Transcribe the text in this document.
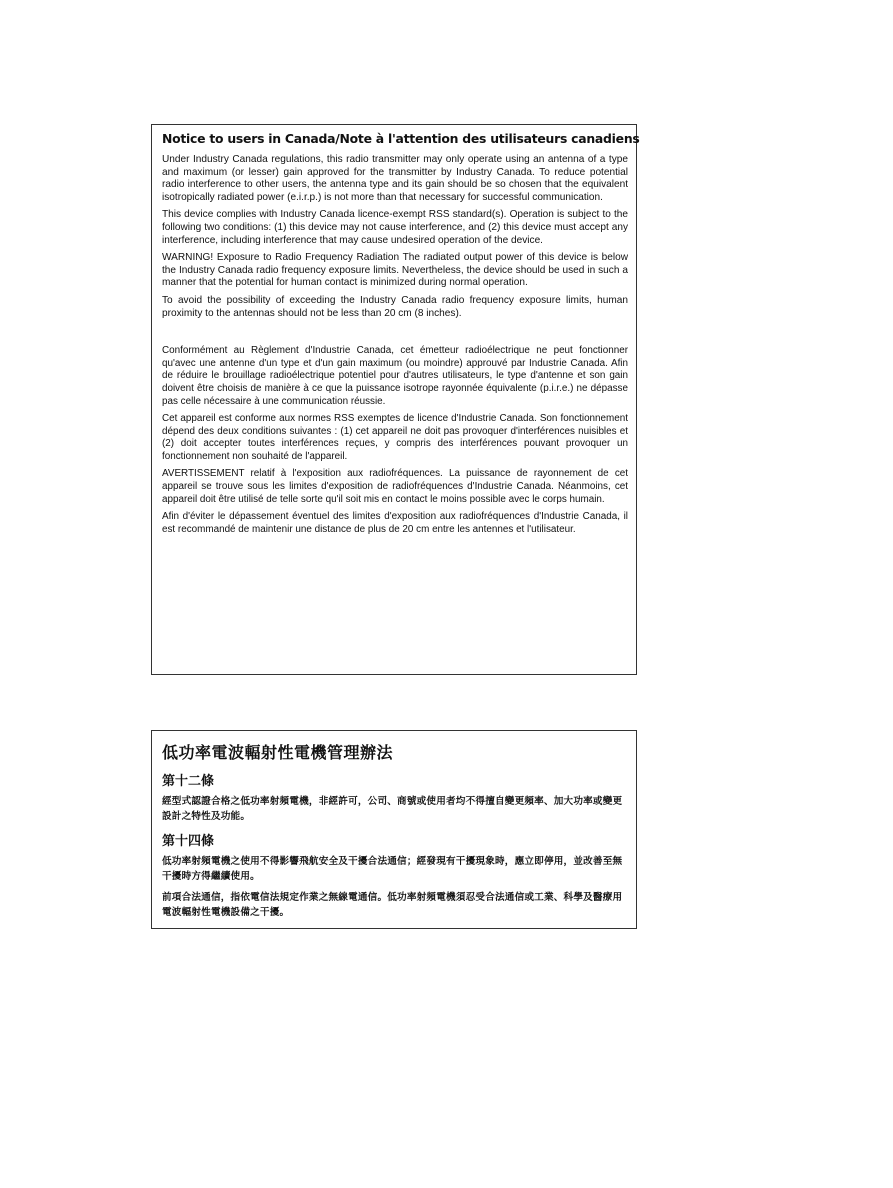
Notice to users in Canada/Note à l'attention des utilisateurs canadiens

Under Industry Canada regulations, this radio transmitter may only operate using an antenna of a type and maximum (or lesser) gain approved for the transmitter by Industry Canada. To reduce potential radio interference to other users, the antenna type and its gain should be so chosen that the equivalent isotropically radiated power (e.i.r.p.) is not more than that necessary for successful communication.

This device complies with Industry Canada licence-exempt RSS standard(s). Operation is subject to the following two conditions: (1) this device may not cause interference, and (2) this device must accept any interference, including interference that may cause undesired operation of the device.

WARNING! Exposure to Radio Frequency Radiation The radiated output power of this device is below the Industry Canada radio frequency exposure limits. Nevertheless, the device should be used in such a manner that the potential for human contact is minimized during normal operation.

To avoid the possibility of exceeding the Industry Canada radio frequency exposure limits, human proximity to the antennas should not be less than 20 cm (8 inches).

Conformément au Règlement d'Industrie Canada, cet émetteur radioélectrique ne peut fonctionner qu'avec une antenne d'un type et d'un gain maximum (ou moindre) approuvé par Industrie Canada. Afin de réduire le brouillage radioélectrique potentiel pour d'autres utilisateurs, le type d'antenne et son gain doivent être choisis de manière à ce que la puissance isotrope rayonnée équivalente (p.i.r.e.) ne dépasse pas celle nécessaire à une communication réussie.

Cet appareil est conforme aux normes RSS exemptes de licence d'Industrie Canada. Son fonctionnement dépend des deux conditions suivantes : (1) cet appareil ne doit pas provoquer d'interférences nuisibles et (2) doit accepter toutes interférences reçues, y compris des interférences pouvant provoquer un fonctionnement non souhaité de l'appareil.

AVERTISSEMENT relatif à l'exposition aux radiofréquences. La puissance de rayonnement de cet appareil se trouve sous les limites d'exposition de radiofréquences d'Industrie Canada. Néanmoins, cet appareil doit être utilisé de telle sorte qu'il soit mis en contact le moins possible avec le corps humain.

Afin d'éviter le dépassement éventuel des limites d'exposition aux radiofréquences d'Industrie Canada, il est recommandé de maintenir une distance de plus de 20 cm entre les antennes et l'utilisateur.

低功率電波輻射性電機管理辦法
第十二條

經型式認證合格之低功率射頻電機，非經許可，公司、商號或使用者均不得擅自變更頻率、加大功率或變更設計之特性及功能。

第十四條

低功率射頻電機之使用不得影響飛航安全及干擾合法通信；經發現有干擾現象時，應立即停用，並改善至無干擾時方得繼續使用。

前項合法通信，指依電信法規定作業之無線電通信。低功率射頻電機須忍受合法通信或工業、科學及醫療用電波輻射性電機設備之干擾。
